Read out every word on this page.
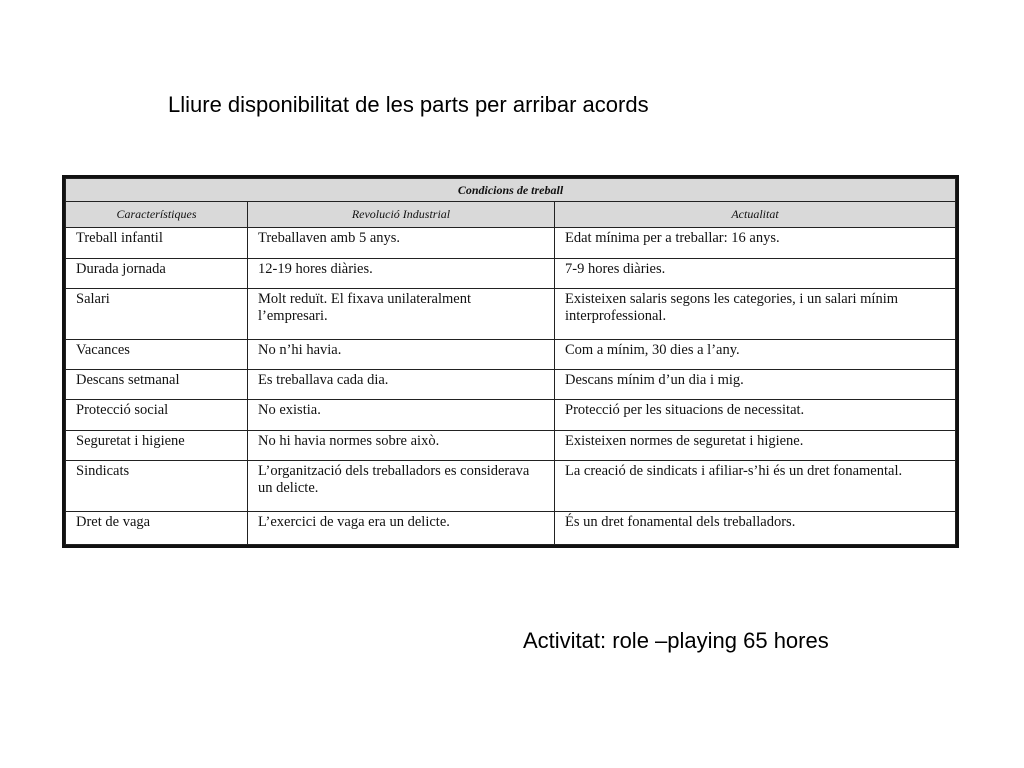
Lliure disponibilitat de les parts per arribar acords
Condicions de treball		
Característiques	Revolució Industrial	Actualitat
Treball infantil	Treballaven amb 5 anys.	Edat mínima per a treballar: 16 anys.
Durada jornada	12-19 hores diàries.	7-9 hores diàries.
Salari	Molt reduït. El fixava unilateralment l’empresari.	Existeixen salaris segons les categories, i un salari mínim interprofessional.
Vacances	No n’hi havia.	Com a mínim, 30 dies a l’any.
Descans setmanal	Es treballava cada dia.	Descans mínim d’un dia i mig.
Protecció social	No existia.	Protecció per les situacions de necessitat.
Seguretat i higiene	No hi havia normes sobre això.	Existeixen normes de seguretat i higiene.
Sindicats	L’organització dels treballadors es considerava un delicte.	La creació de sindicats i afiliar-s’hi és un dret fonamental.
Dret de vaga	L’exercici de vaga era un delicte.	És un dret fonamental dels treballadors.
Activitat: role –playing 65 hores
